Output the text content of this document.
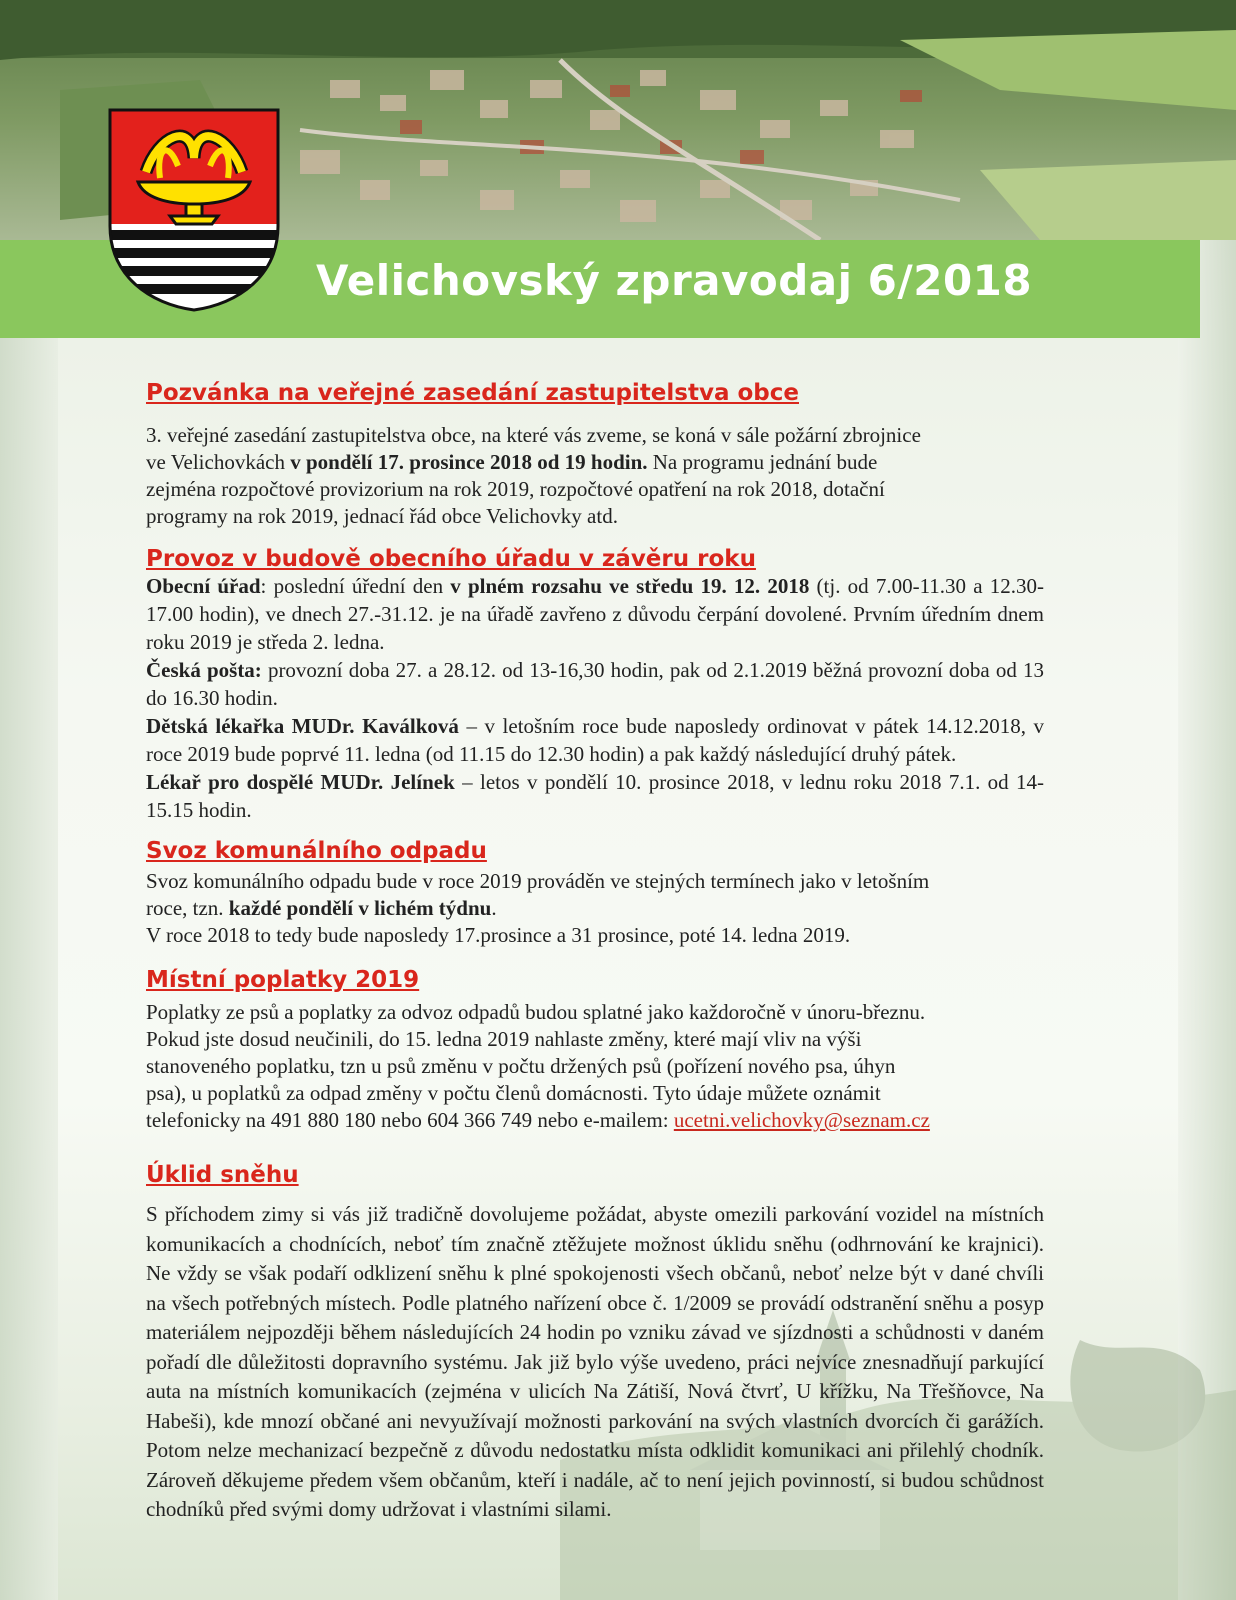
Velichovský zpravodaj 6/2018
Pozvánka na veřejné zasedání zastupitelstva obce

3. veřejné zasedání zastupitelstva obce, na které vás zveme, se koná v sále požární zbrojnice
ve Velichovkách v pondělí 17. prosince 2018 od 19 hodin. Na programu jednání bude
zejména rozpočtové provizorium na rok 2019, rozpočtové opatření na rok 2018, dotační
programy na rok 2019, jednací řád obce Velichovky atd.

Provoz v budově obecního úřadu v závěru roku
Obecní úřad: poslední úřední den v plném rozsahu ve středu 19. 12. 2018 (tj. od 7.00-11.30 a 12.30-17.00 hodin), ve dnech 27.-31.12. je na úřadě zavřeno z důvodu čerpání dovolené. Prvním úředním dnem roku 2019 je středa 2. ledna.
Česká pošta: provozní doba 27. a 28.12. od 13-16,30 hodin, pak od 2.1.2019 běžná provozní doba od 13 do 16.30 hodin.
Dětská lékařka MUDr. Kaválková – v letošním roce bude naposledy ordinovat v pátek 14.12.2018, v roce 2019 bude poprvé 11. ledna (od 11.15 do 12.30 hodin) a pak každý následující druhý pátek.
Lékař pro dospělé MUDr. Jelínek – letos v pondělí 10. prosince 2018, v lednu roku 2018 7.1. od 14-15.15 hodin.
Svoz komunálního odpadu

Svoz komunálního odpadu bude v roce 2019 prováděn ve stejných termínech jako v letošním
roce, tzn. každé pondělí v lichém týdnu.
V roce 2018 to tedy bude naposledy 17.prosince a 31 prosince, poté 14. ledna 2019.

Místní poplatky 2019

Poplatky ze psů a poplatky za odvoz odpadů budou splatné jako každoročně v únoru-březnu.
Pokud jste dosud neučinili, do 15. ledna 2019 nahlaste změny, které mají vliv na výši
stanoveného poplatku, tzn u psů změnu v počtu držených psů (pořízení nového psa, úhyn
psa), u poplatků za odpad změny v počtu členů domácnosti. Tyto údaje můžete oznámit
telefonicky na 491 880 180 nebo 604 366 749 nebo e-mailem: ucetni.velichovky@seznam.cz

Úklid sněhu

S příchodem zimy si vás již tradičně dovolujeme požádat, abyste omezili parkování vozidel na místních komunikacích a chodnících, neboť tím značně ztěžujete možnost úklidu sněhu (odhrnování ke krajnici). Ne vždy se však podaří odklizení sněhu k plné spokojenosti všech občanů, neboť nelze být v dané chvíli na všech potřebných místech. Podle platného nařízení obce č. 1/2009 se provádí odstranění sněhu a posyp materiálem nejpozději během následujících 24 hodin po vzniku závad ve sjízdnosti a schůdnosti v daném pořadí dle důležitosti dopravního systému. Jak již bylo výše uvedeno, práci nejvíce znesnadňují parkující auta na místních komunikacích (zejména v ulicích Na Zátiší, Nová čtvrť, U křížku, Na Třešňovce, Na Habeši), kde mnozí občané ani nevyužívají možnosti parkování na svých vlastních dvorcích či garážích. Potom nelze mechanizací bezpečně z důvodu nedostatku místa odklidit komunikaci ani přilehlý chodník. Zároveň děkujeme předem všem občanům, kteří i nadále, ač to není jejich povinností, si budou schůdnost chodníků před svými domy udržovat i vlastními silami.
